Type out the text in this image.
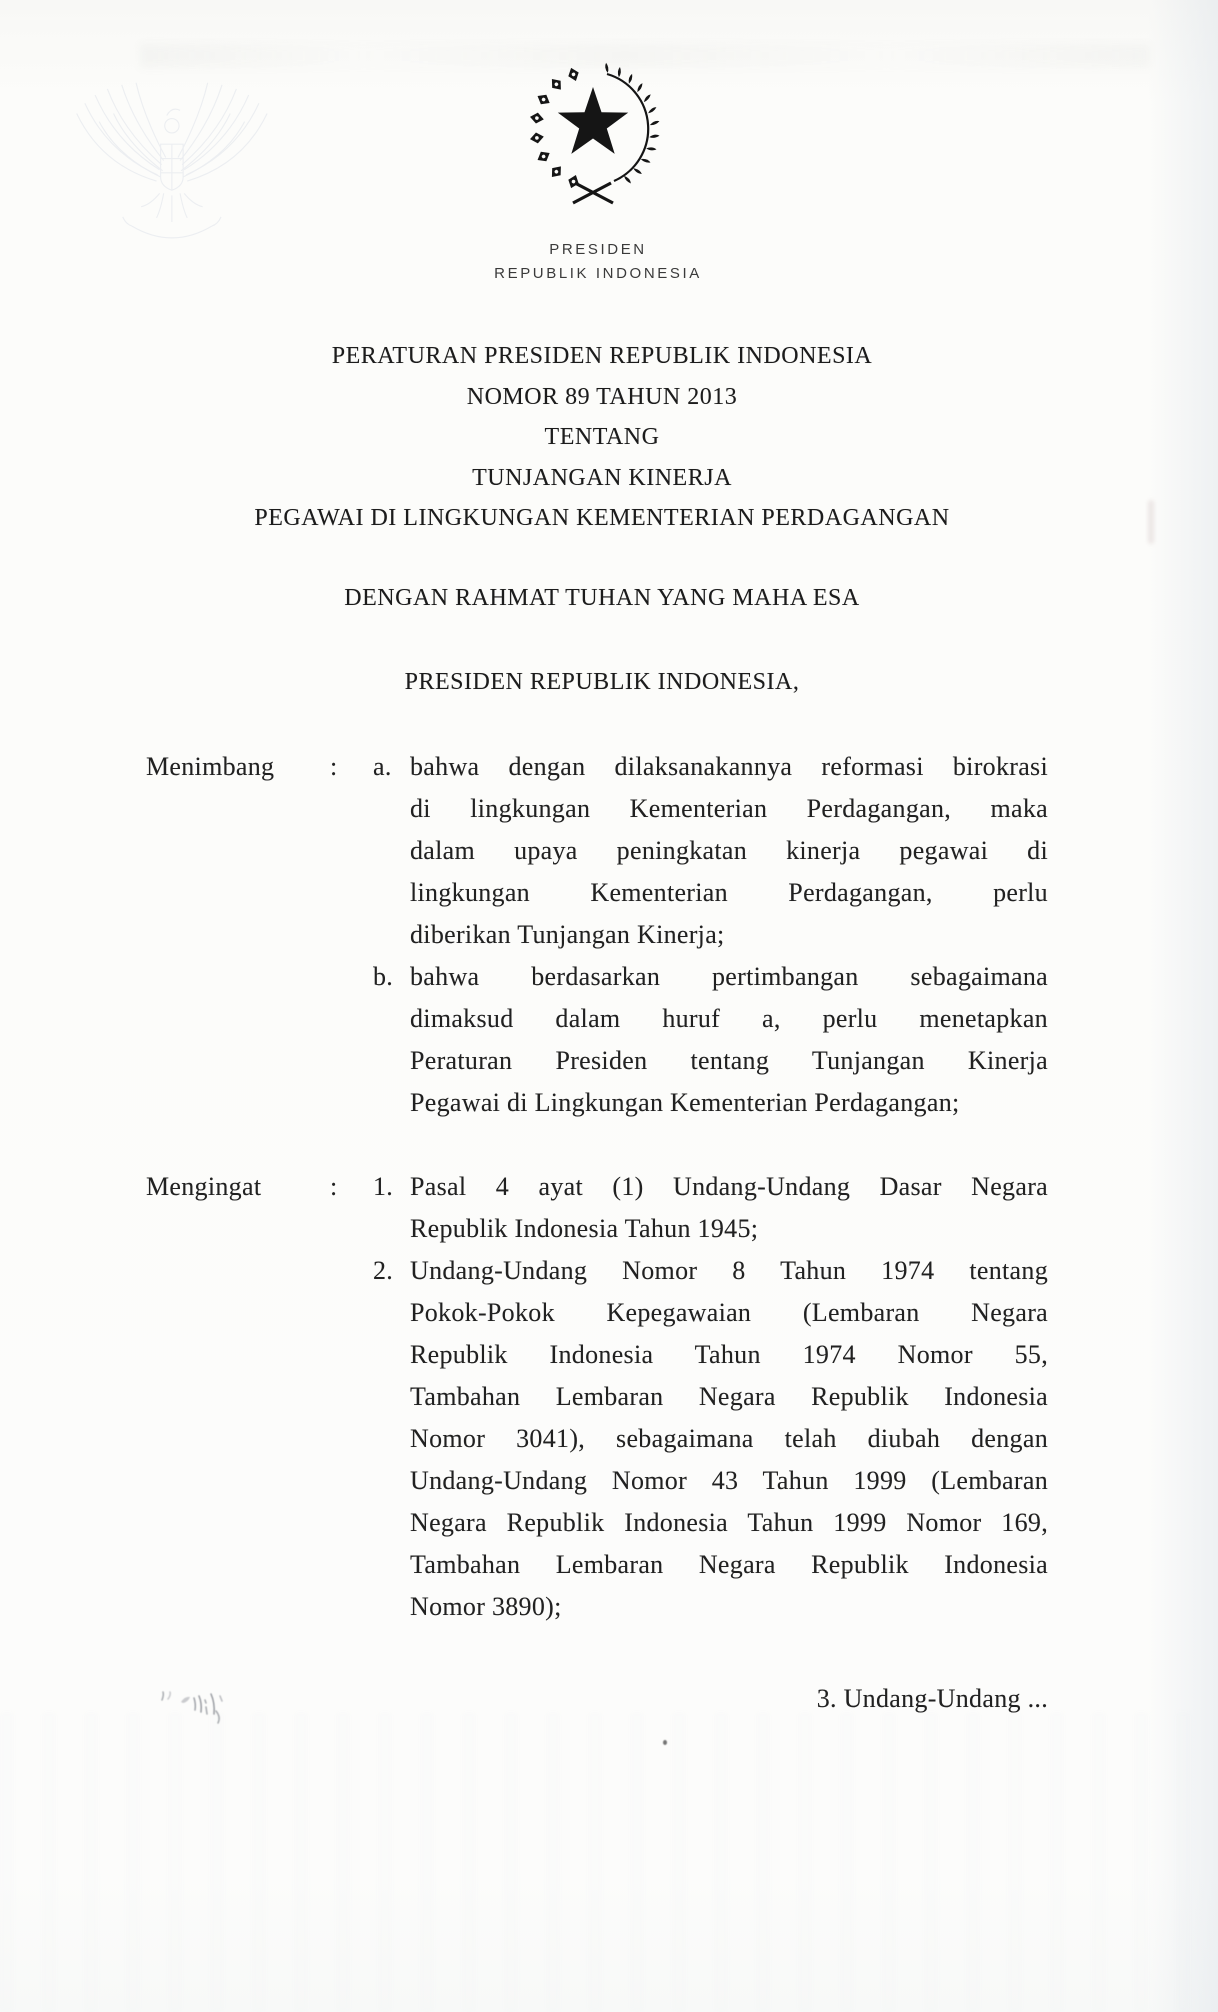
PRESIDEN
REPUBLIK INDONESIA
PERATURAN PRESIDEN REPUBLIK INDONESIA
NOMOR 89 TAHUN 2013
TENTANG
TUNJANGAN KINERJA
PEGAWAI DI LINGKUNGAN KEMENTERIAN PERDAGANGAN
DENGAN RAHMAT TUHAN YANG MAHA ESA
PRESIDEN REPUBLIK INDONESIA,
Menimbang : a. bahwa dengan dilaksanakannya reformasi birokrasi
di lingkungan Kementerian Perdagangan, maka
dalam upaya peningkatan kinerja pegawai di
lingkungan Kementerian Perdagangan, perlu
diberikan Tunjangan Kinerja;
b. bahwa berdasarkan pertimbangan sebagaimana
dimaksud dalam huruf a, perlu menetapkan
Peraturan Presiden tentang Tunjangan Kinerja
Pegawai di Lingkungan Kementerian Perdagangan;
Mengingat	: 1. Pasal 4 ayat (1) Undang-Undang Dasar Negara
Republik Indonesia Tahun 1945;
2. Undang-Undang Nomor 8 Tahun 1974 tentang
Pokok-Pokok Kepegawaian (Lembaran Negara
Republik Indonesia Tahun 1974 Nomor 55,
Tambahan Lembaran Negara Republik Indonesia
Nomor 3041), sebagaimana telah diubah dengan
Undang-Undang Nomor 43 Tahun 1999 (Lembaran
Negara Republik Indonesia Tahun 1999 Nomor 169,
Tambahan Lembaran Negara Republik Indonesia
Nomor 3890);
3. Undang-Undang ...
